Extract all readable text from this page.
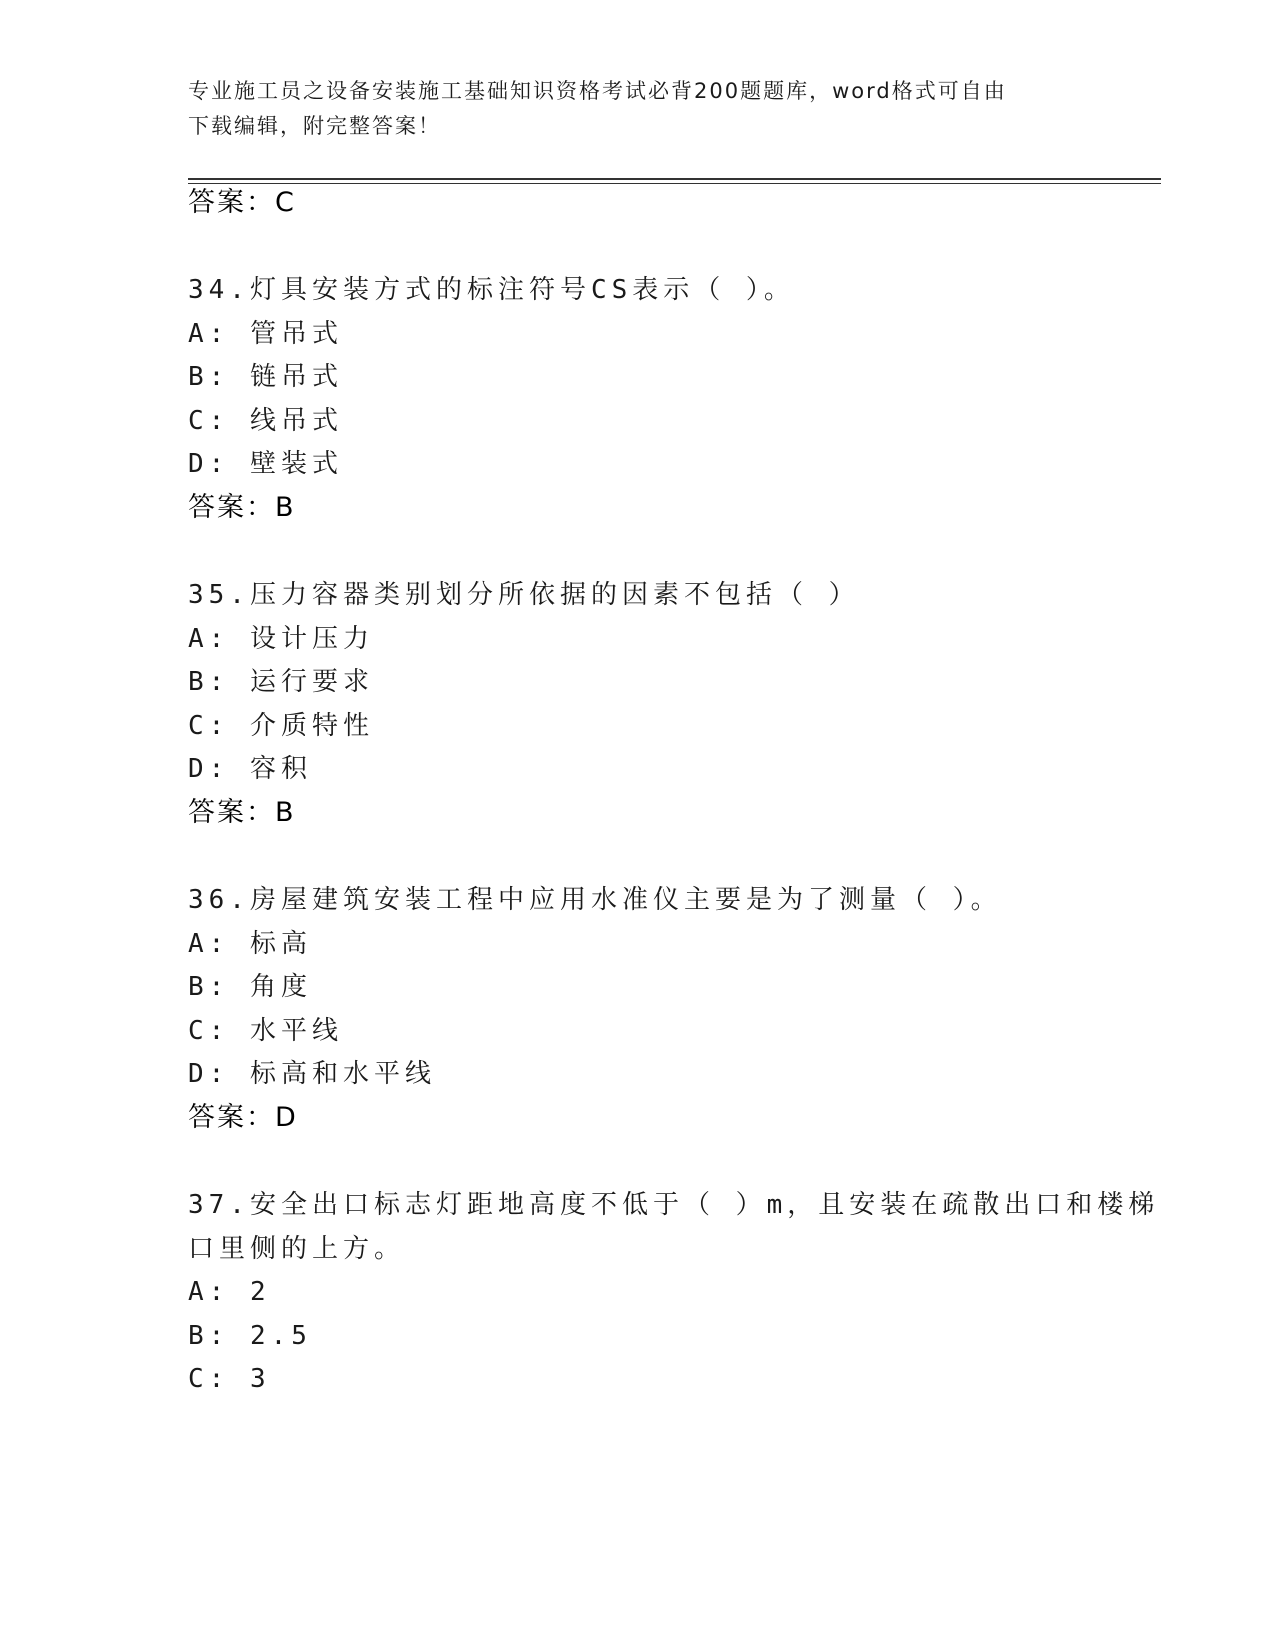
专业施工员之设备安装施工基础知识资格考试必背200题题库，word格式可自由
下载编辑，附完整答案！
答案：C
34.灯具安装方式的标注符号CS表示（ ）。
A: 管吊式
B: 链吊式
C: 线吊式
D: 壁装式
答案：B
35.压力容器类别划分所依据的因素不包括（ ）
A: 设计压力
B: 运行要求
C: 介质特性
D: 容积
答案：B
36.房屋建筑安装工程中应用水准仪主要是为了测量（ ）。
A: 标高
B: 角度
C: 水平线
D: 标高和水平线
答案：D
37.安全出口标志灯距地高度不低于（ ）m，且安装在疏散出口和楼梯
口里侧的上方。
A: 2
B: 2.5
C: 3
